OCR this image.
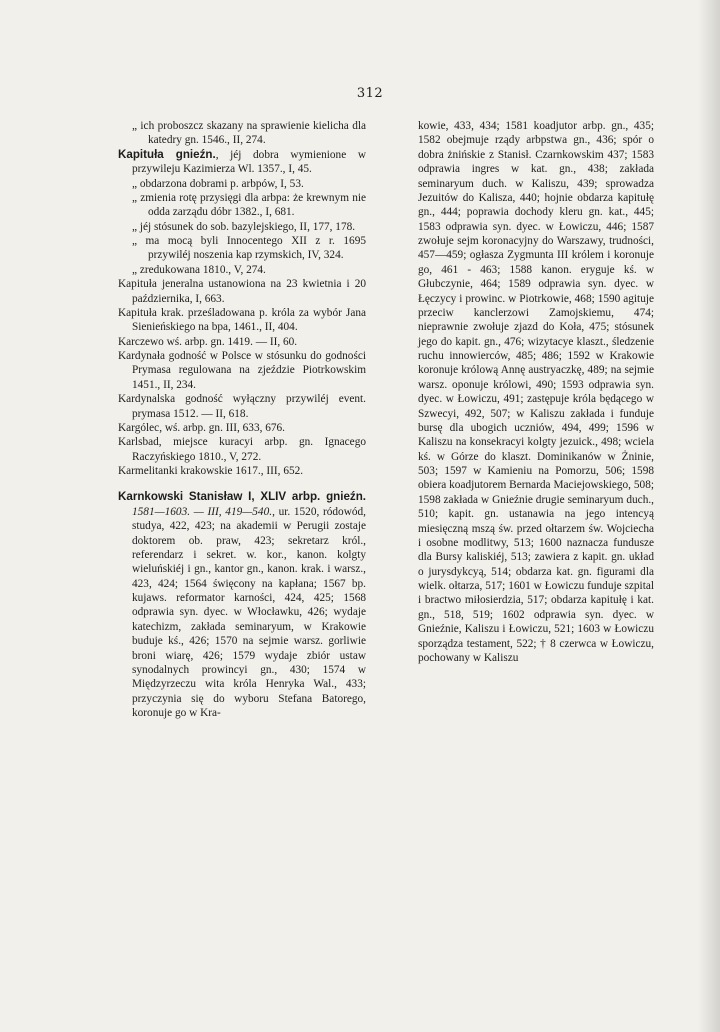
312

„ ich proboszcz skazany na sprawienie kielicha dla katedry gn. 1546., II, 274.

Kapituła gnieźn., jéj dobra wymienione w przywileju Kazimierza Wl. 1357., I, 45.

„ obdarzona dobrami p. arbpów, I, 53.

„ zmienia rotę przysięgi dla arbpa: że krewnym nie odda zarządu dóbr 1382., I, 681.

„ jéj stósunek do sob. bazylejskiego, II, 177, 178.

„ ma mocą byli Innocentego XII z r. 1695 przywiléj noszenia kap rzymskich, IV, 324.

„ zredukowana 1810., V, 274.

Kapituła jeneralna ustanowiona na 23 kwietnia i 20 października, I, 663.

Kapituła krak. prześladowana p. króla za wybór Jana Sienieńskiego na bpa, 1461., II, 404.

Karczewo wś. arbp. gn. 1419. — II, 60.

Kardynała godność w Polsce w stósunku do godności Prymasa regulowana na zjeździe Piotrkowskim 1451., II, 234.

Kardynalska godność wyłączny przywiléj event. prymasa 1512. — II, 618.

Kargólec, wś. arbp. gn. III, 633, 676.

Karlsbad, miejsce kuracyi arbp. gn. Ignacego Raczyńskiego 1810., V, 272.

Karmelitanki krakowskie 1617., III, 652.

Karnkowski Stanisław I, XLIV arbp. gnieźn. 1581—1603. — III, 419—540., ur. 1520, ródowód, studya, 422, 423; na akademii w Perugii zostaje doktorem ob. praw, 423; sekretarz król., referendarz i sekret. w. kor., kanon. kolgty wieluńskiéj i gn., kantor gn., kanon. krak. i warsz., 423, 424; 1564 święcony na kapłana; 1567 bp. kujaws. reformator karności, 424, 425; 1568 odprawia syn. dyec. w Włocławku, 426; wydaje katechizm, zakłada seminaryum, w Krakowie buduje kś., 426; 1570 na sejmie warsz. gorliwie broni wiarę, 426; 1579 wydaje zbiór ustaw synodalnych prowincyi gn., 430; 1574 w Międzyrzeczu wita króla Henryka Wal., 433; przyczynia się do wyboru Stefana Batorego, koronuje go w Kra-

kowie, 433, 434; 1581 koadjutor arbp. gn., 435; 1582 obejmuje rządy arbpstwa gn., 436; spór o dobra żnińskie z Stanisł. Czarnkowskim 437; 1583 odprawia ingres w kat. gn., 438; zakłada seminaryum duch. w Kaliszu, 439; sprowadza Jezuitów do Kalisza, 440; hojnie obdarza kapitułę gn., 444; poprawia dochody kleru gn. kat., 445; 1583 odprawia syn. dyec. w Łowiczu, 446; 1587 zwołuje sejm koronacyjny do Warszawy, trudności, 457—459; ogłasza Zygmunta III królem i koronuje go, 461 - 463; 1588 kanon. eryguje kś. w Głubczynie, 464; 1589 odprawia syn. dyec. w Łęczycy i prowinc. w Piotrkowie, 468; 1590 agituje przeciw kanclerzowi Zamojskiemu, 474; nieprawnie zwołuje zjazd do Koła, 475; stósunek jego do kapit. gn., 476; wizytacye klaszt., śledzenie ruchu innowierców, 485; 486; 1592 w Krakowie koronuje królową Annę austryaczkę, 489; na sejmie warsz. oponuje królowi, 490; 1593 odprawia syn. dyec. w Łowiczu, 491; zastępuje króla będącego w Szwecyi, 492, 507; w Kaliszu zakłada i funduje bursę dla ubogich uczniów, 494, 499; 1596 w Kaliszu na konsekracyi kolgty jezuick., 498; wcielа kś. w Górze do klaszt. Dominikanów w Żninie, 503; 1597 w Kamieniu na Pomorzu, 506; 1598 obiera koadjutorem Bernarda Maciejowskiego, 508; 1598 zakłada w Gnieźnie drugie seminaryum duch., 510; kapit. gn. ustanawia na jego intencyą miesięczną mszą św. przed ołtarzem św. Wojciecha i osobne modlitwy, 513; 1600 naznacza fundusze dla Bursy kaliskiéj, 513; zawiera z kapit. gn. układ o jurysdykcyą, 514; obdarza kat. gn. figurami dla wielk. ołtarza, 517; 1601 w Łowiczu funduje szpital i bractwo miłosierdzia, 517; obdarza kapitułę i kat. gn., 518, 519; 1602 odprawia syn. dyec. w Gnieźnie, Kaliszu i Łowiczu, 521; 1603 w Łowiczu sporządza testament, 522; † 8 czerwca w Łowiczu, pochowany w Kaliszu
